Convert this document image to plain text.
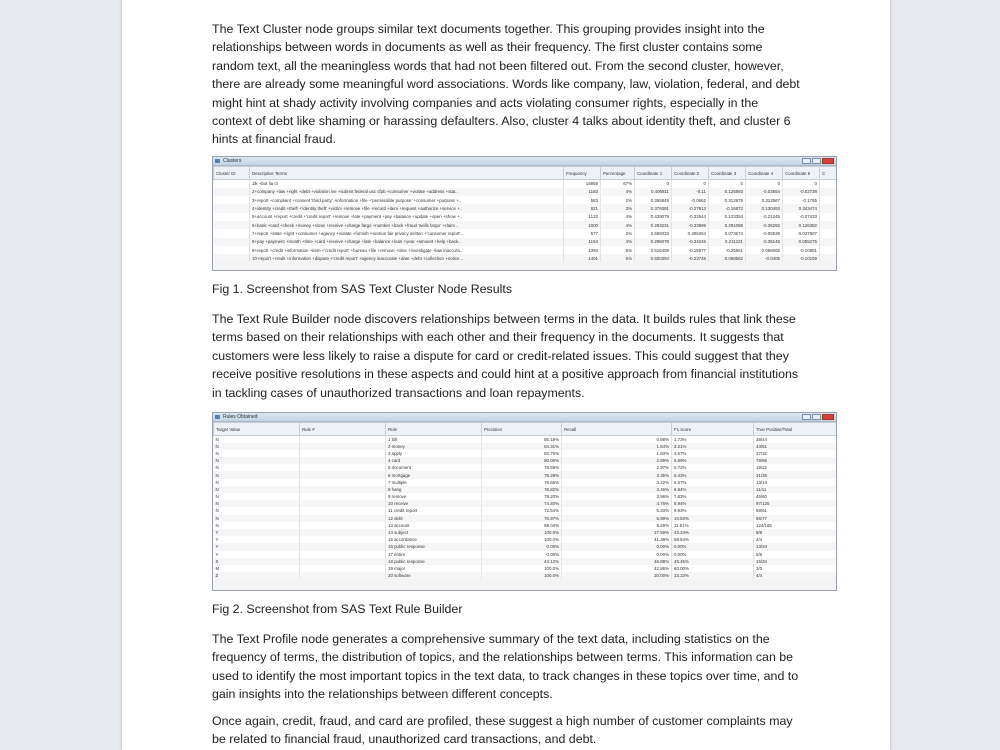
The Text Cluster node groups similar text documents together. This grouping provides insight into the relationships between words in documents as well as their frequency. The first cluster contains some random text, all the meaningless words that had not been filtered out. From the second cluster, however, there are already some meaningful word associations. Words like company, law, violation, federal, and debt might hint at shady activity involving companies and acts violating consumer rights, especially in the context of debt like shaming or harassing defaulters. Also, cluster 4 talks about identity theft, and cluster 6 hints at financial fraud.

Clusters
Cluster ID	Descriptive Terms	Frequency	Percentage	Coordinate 1	Coordinate 2	Coordinate 3	Coordinate 4	Coordinate 5	C
	1lk +bot lia ct	16959	67%	0	0	0	0	0	
	2+company +law +right +debt +violation ive +submit federal usc cfpb +consumer +violate +address +stat..	1183	4%	0.406811	-0.11	0.125893	-0.03654	-0.02738	
	3+report +complaint +consent 'third party' +information +file +'permissible purpose' +consumer +purpose +..	583	2%	0.365848	-0.0662	0.312879	0.312567	-0.1755	
	4+identity +credit +theft +'identity theft' +victim +remove +file +record +item +request +authorize +service +..	821	3%	0.379391	-0.27913	-0.16872	0.130493	0.343474	
	5+account +report +credit +'credit report' +remove +late +payment +pay +balance +update +open +show +..	1122	4%	0.439079	-0.32644	0.123354	-0.21245	-0.07433	
	6+bank +card +check +money +close +receive +charge fargo +number +back +fraud 'wells fargo' +claim ..	1000	4%	0.293231	-0.33999	0.291088	-0.36292	0.126382	
	7+report +state +right +consumer +agency +violate +furnish +section fair privacy written +'consumer report'..	577	2%	0.655033	0.406264	0.073674	-0.05539	0.027907	
	8+pay +payment +month +time +card +receive +charge +late +balance +loan +year +amount +help +back..	1154	4%	0.296078	-0.34246	0.211221	-0.35145	0.055275	
	9+report +credit +information +item +'credit report' +bureau +file +remove +time +investigate +law inaccura..	1393	5%	0.516459	-0.15977	-0.25661	0.056065	-0.10881	
	10+report +credit +information +dispute +'credit report' +agency inaccurate +date +debt +collection +notice ..	1401	5%	0.500394	-0.23746	0.068582	-0.0405	-0.10159	

Fig 1. Screenshot from SAS Text Cluster Node Results

The Text Rule Builder node discovers relationships between terms in the data. It builds rules that link these terms based on their relationships with each other and their frequency in the documents. It suggests that customers were less likely to raise a dispute for card or credit-related issues. This could suggest that they receive positive resolutions in these aspects and could hint at a positive approach from financial institutions in tackling cases of unauthorized transactions and loan repayments.

Rules Obtained
Target Value	Rule #	Rule	Precision	Recall	F1 score	True Positive/Total
N		1 bill	85.19%	0.88%	1.73%	38/44
N		2 money	84.31%	1.64%	3.21%	43/51
N		3 apply	82.76%	1.83%	3.57%	27/32
N		4 card	80.00%	2.89%	5.59%	79/85
N		5 document	79.59%	2.97%	5.72%	19/22
N		6 mortgage	79.28%	3.35%	6.43%	31/36
N		7 multiple	79.65%	3.42%	6.57%	13/14
N		8 hang	78.82%	3.46%	6.64%	11/11
N		9 remove	78.20%	3.96%	7.53%	45/60
N		10 receive	74.40%	4.76%	8.94%	97/125
N		11 credit report	72.54%	5.33%	9.93%	58/61
N		12 debt	70.97%	5.80%	10.83%	56/77
N		13 account	69.04%	6.28%	11.51%	124/165
Y		14 subject	100.0%	27.59%	43.24%	8/8
Y		15 accordance	100.0%	41.38%	58.54%	4/4
Y		16 public response	0.00%	0.00%	0.00%	13/34
Y		17 entire	0.00%	0.00%	0.00%	5/6
S		18 public response	44.12%	46.88%	45.45%	15/34
M		19 major	100.0%	42.86%	60.00%	3/3
Z		20 software	100.0%	20.00%	33.33%	4/4

Fig 2. Screenshot from SAS Text Rule Builder

The Text Profile node generates a comprehensive summary of the text data, including statistics on the frequency of terms, the distribution of topics, and the relationships between terms. This information can be used to identify the most important topics in the text data, to track changes in these topics over time, and to gain insights into the relationships between different concepts.

Once again, credit, fraud, and card are profiled, these suggest a high number of customer complaints may be related to financial fraud, unauthorized card transactions, and debt.
